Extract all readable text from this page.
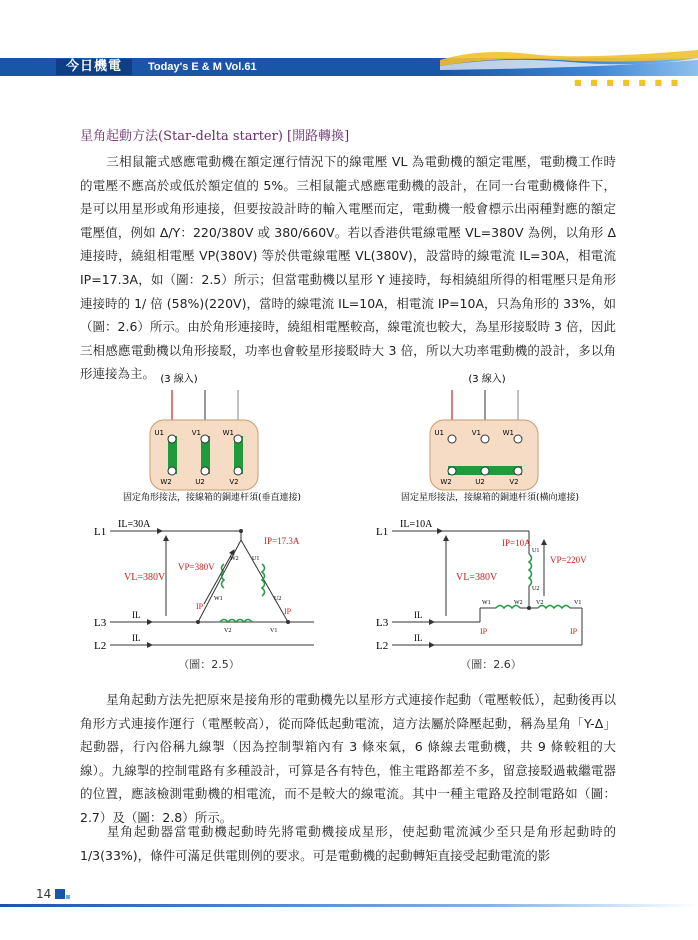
今日機電	Today's E & M Vol.61
■ ■ ■ ■ ■ ■ ■
星角起動方法(Star-delta starter) [開路轉換]

三相鼠籠式感應電動機在額定運行情況下的線電壓 VL 為電動機的額定電壓，電動機工作時的電壓不應高於或低於額定值的 5%。三相鼠籠式感應電動機的設計，在同一台電動機條件下，是可以用星形或角形連接，但要按設計時的輸入電壓而定，電動機一般會標示出兩種對應的額定電壓值，例如 Δ/Y：220/380V 或 380/660V。若以香港供電線電壓 VL=380V 為例，以角形 Δ 連接時，繞組相電壓 VP(380V) 等於供電線電壓 VL(380V)，設當時的線電流 IL=30A，相電流 IP=17.3A，如（圖：2.5）所示；但當電動機以星形 Y 連接時，每相繞組所得的相電壓只是角形連接時的 1/ 倍 (58%)(220V)，當時的線電流 IL=10A，相電流 IP=10A，只為角形的 33%，如（圖：2.6）所示。由於角形連接時，繞組相電壓較高，線電流也較大，為星形接駁時 3 倍，因此三相感應電動機以角形接駁，功率也會較星形接駁時大 3 倍，所以大功率電動機的設計，多以角形連接為主。 (3 線入)
U1	V1	W1
W2	U2	V2
固定角形接法，接線箱的銅連杆須(垂直連接)
(3 線入)
U1	V1	W1
W2	U2	V2
固定星形接法，接線箱的銅連杆須(橫向連接)
L1
L3
L2
IL=30A
IL
IL
VL=380V
VP=380V
IP=17.3A
W2 U1
W1	U2
V2	V1
IP
IP
（圖：2.5）
L1
L3
L2
IL=10A
IL
IL
VL=380V
VP=220V
IP=10A
U1
U2
W1	W2 V2	V1
IP	IP
（圖：2.6）

星角起動方法先把原來是接角形的電動機先以星形方式連接作起動（電壓較低），起動後再以角形方式連接作運行（電壓較高），從而降低起動電流，這方法屬於降壓起動，稱為星角「Y-Δ」起動器，行內俗稱九線掣（因為控制掣箱內有 3 條來氣，6 條線去電動機，共 9 條較粗的大線）。九線掣的控制電路有多種設計，可算是各有特色，惟主電路都差不多，留意接駁過載繼電器的位置，應該檢測電動機的相電流，而不是較大的線電流。其中一種主電路及控制電路如（圖：2.7）及（圖：2.8）所示。

星角起動器當電動機起動時先將電動機接成星形，使起動電流減少至只是角形起動時的 1/3(33%)，條件可滿足供電則例的要求。可是電動機的起動轉矩直接受起動電流的影

14
